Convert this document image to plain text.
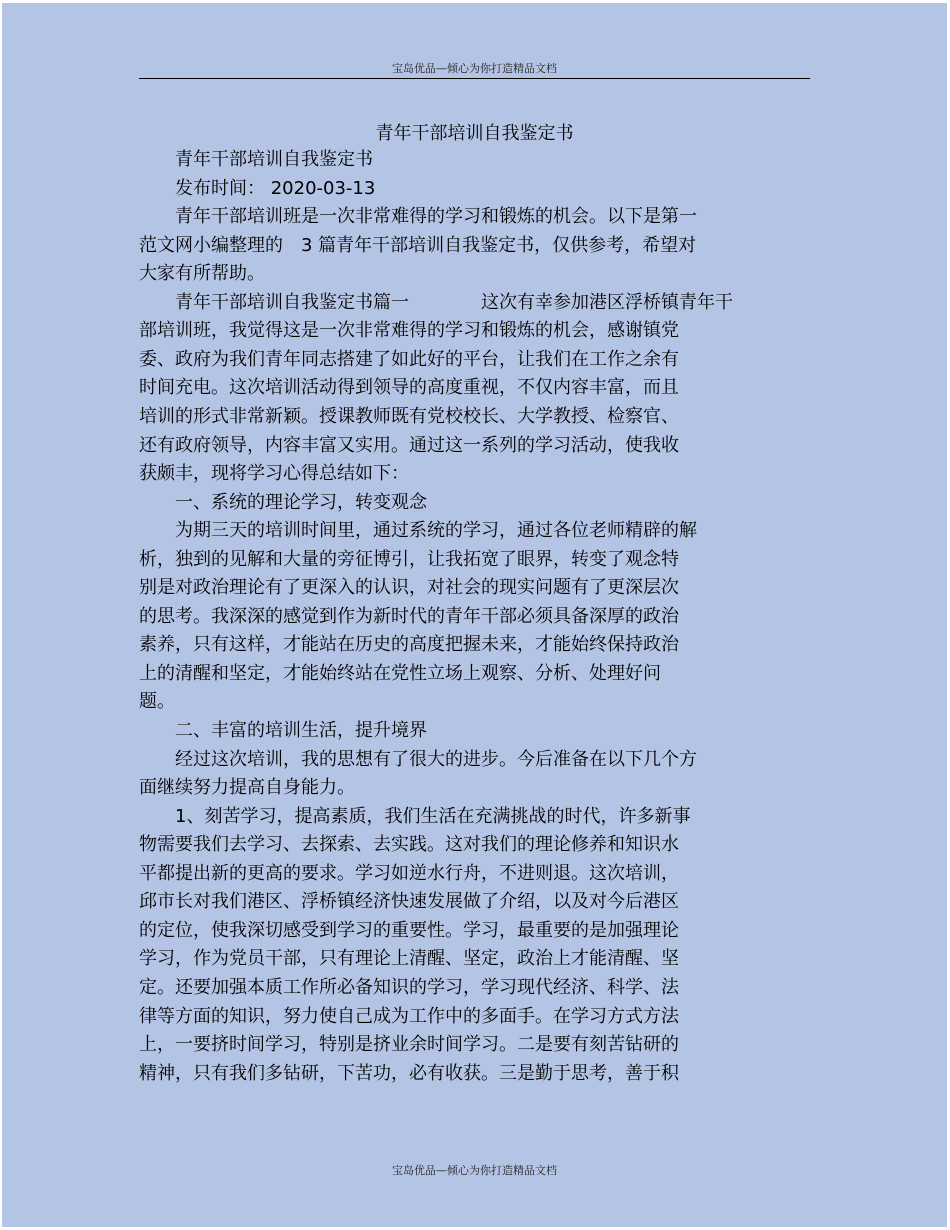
宝岛优品—倾心为你打造精品文档
青年干部培训自我鉴定书
　　青年干部培训自我鉴定书
　　发布时间： 2020-03-13
　　青年干部培训班是一次非常难得的学习和锻炼的机会。以下是第一
范文网小编整理的　3 篇青年干部培训自我鉴定书，仅供参考，希望对
大家有所帮助。
　　青年干部培训自我鉴定书篇一　　　　这次有幸参加港区浮桥镇青年干
部培训班，我觉得这是一次非常难得的学习和锻炼的机会，感谢镇党
委、政府为我们青年同志搭建了如此好的平台，让我们在工作之余有
时间充电。这次培训活动得到领导的高度重视，不仅内容丰富，而且
培训的形式非常新颖。授课教师既有党校校长、大学教授、检察官、
还有政府领导，内容丰富又实用。通过这一系列的学习活动，使我收
获颇丰，现将学习心得总结如下：
　　一、系统的理论学习，转变观念
　　为期三天的培训时间里，通过系统的学习，通过各位老师精辟的解
析，独到的见解和大量的旁征博引，让我拓宽了眼界，转变了观念特
别是对政治理论有了更深入的认识，对社会的现实问题有了更深层次
的思考。我深深的感觉到作为新时代的青年干部必须具备深厚的政治
素养，只有这样，才能站在历史的高度把握未来，才能始终保持政治
上的清醒和坚定，才能始终站在党性立场上观察、分析、处理好问
题。
　　二、丰富的培训生活，提升境界
　　经过这次培训，我的思想有了很大的进步。今后准备在以下几个方
面继续努力提高自身能力。
　　1、刻苦学习，提高素质，我们生活在充满挑战的时代，许多新事
物需要我们去学习、去探索、去实践。这对我们的理论修养和知识水
平都提出新的更高的要求。学习如逆水行舟，不进则退。这次培训，
邱市长对我们港区、浮桥镇经济快速发展做了介绍，以及对今后港区
的定位，使我深切感受到学习的重要性。学习，最重要的是加强理论
学习，作为党员干部，只有理论上清醒、坚定，政治上才能清醒、坚
定。还要加强本质工作所必备知识的学习，学习现代经济、科学、法
律等方面的知识，努力使自己成为工作中的多面手。在学习方式方法
上，一要挤时间学习，特别是挤业余时间学习。二是要有刻苦钻研的
精神，只有我们多钻研，下苦功，必有收获。三是勤于思考，善于积
宝岛优品—倾心为你打造精品文档
